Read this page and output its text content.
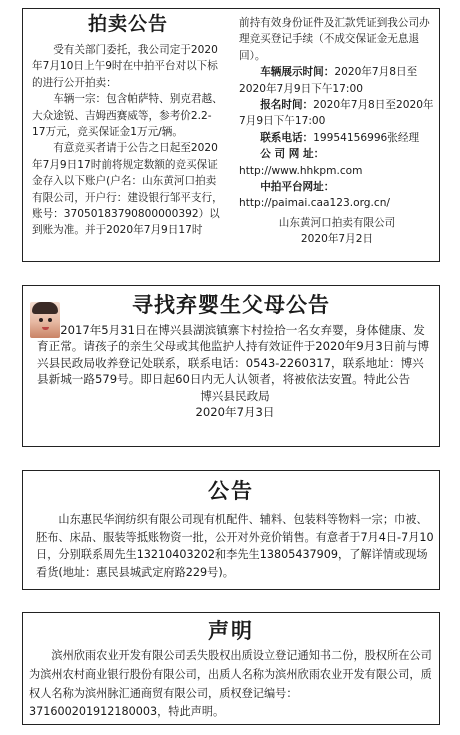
拍卖公告

受有关部门委托，我公司定于2020年7月10日上午9时在中拍平台对以下标的进行公开拍卖：

车辆一宗：包含帕萨特、别克君越、大众途锐、吉姆西赛威等，参考价2.2-17万元，竞买保证金1万元/辆。

有意竞买者请于公告之日起至2020年7月9日17时前将规定数额的竞买保证金存入以下账户(户名：山东黄河口拍卖有限公司，开户行：建设银行邹平支行，账号：37050183790800000392）以到账为准。并于2020年7月9日17时

前持有效身份证件及汇款凭证到我公司办理竞买登记手续（不成交保证金无息退回）。

车辆展示时间：2020年7月8日至2020年7月9日下午17:00

报名时间：2020年7月8日至2020年7月9日下午17:00

联系电话：19954156996张经理

公 司 网 址：http://www.hhkpm.com

中拍平台网址：http://paimai.caa123.org.cn/

山东黄河口拍卖有限公司

2020年7月2日

寻找弃婴生父母公告

2017年5月31日在博兴县湖滨镇寨卞村捡拾一名女弃婴，身体健康、发育正常。请孩子的亲生父母或其他监护人持有效证件于2020年9月3日前与博兴县民政局收养登记处联系，联系电话：0543-2260317，联系地址：博兴县新城一路579号。即日起60日内无人认领者，将被依法安置。特此公告

博兴县民政局

2020年7月3日

公告

山东惠民华润纺织有限公司现有机配件、辅料、包装料等物料一宗；巾被、胚布、床品、服装等抵账物资一批，公开对外竞价销售。有意者于7月4日-7月10日，分别联系周先生13210403202和李先生13805437909，了解详情或现场看货(地址：惠民县城武定府路229号)。

声明

滨州欣雨农业开发有限公司丢失股权出质设立登记通知书二份，股权所在公司为滨州农村商业银行股份有限公司，出质人名称为滨州欣雨农业开发有限公司，质权人名称为滨州脉汇通商贸有限公司，质权登记编号：371600201912180003，特此声明。
